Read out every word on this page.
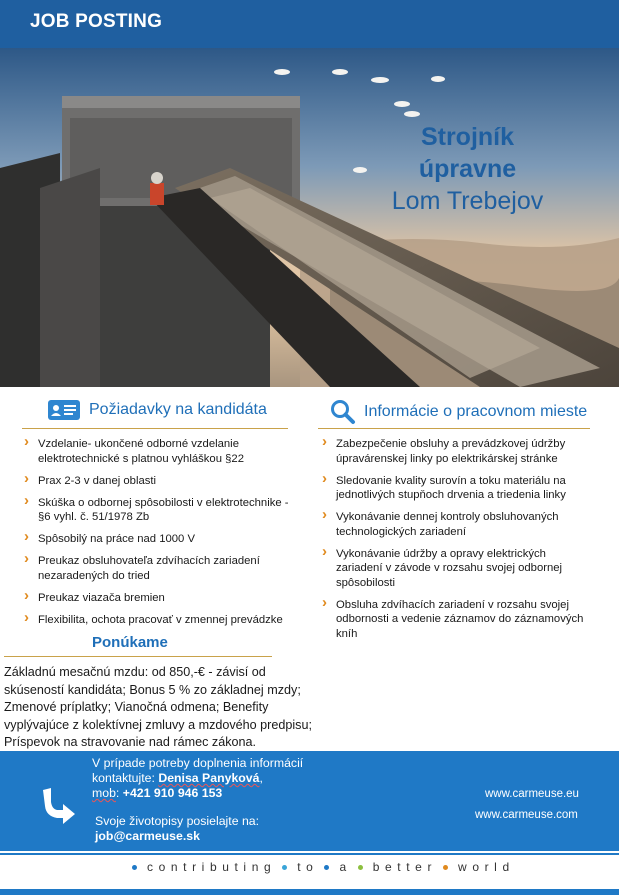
JOB POSTING
Strojník
úpravne
Lom Trebejov
Požiadavky na kandidáta
› Vzdelanie- ukončené odborné vzdelanie elektrotechnické s platnou vyhláškou §22
› Prax 2-3 v danej oblasti
› Skúška o odbornej spôsobilosti v elektrotechnike - §6 vyhl. č. 51/1978 Zb
› Spôsobilý na práce nad 1000 V
› Preukaz obsluhovateľa zdvíhacích zariadení nezaradených do tried
› Preukaz viazača bremien
› Flexibilita, ochota pracovať v zmennej prevádzke
Informácie o pracovnom mieste
› Zabezpečenie obsluhy a prevádzkovej údržby úpravárenskej linky po elektrikárskej stránke
› Sledovanie kvality surovín a toku materiálu na jednotlivých stupňoch drvenia a triedenia linky
› Vykonávanie dennej kontroly obsluhovaných technologických zariadení
› Vykonávanie údržby a opravy elektrických zariadení v závode v rozsahu svojej odbornej spôsobilosti
› Obsluha zdvíhacích zariadení v rozsahu svojej odbornosti a vedenie záznamov do záznamových kníh
Ponúkame
Základnú mesačnú mzdu: od 850,-€ - závisí od skúseností kandidáta; Bonus 5 % zo základnej mzdy; Zmenové príplatky; Vianočná odmena; Benefity vyplývajúce z kolektívnej zmluvy a mzdového predpisu; Príspevok na stravovanie nad rámec zákona.
V prípade potreby doplnenia informácií
kontaktujte: Denisa Panyková,
mob: +421 910 946 153
Svoje životopisy posielajte na:
job@carmeuse.sk
www.carmeuse.eu
www.carmeuse.com
contributing to a better world
